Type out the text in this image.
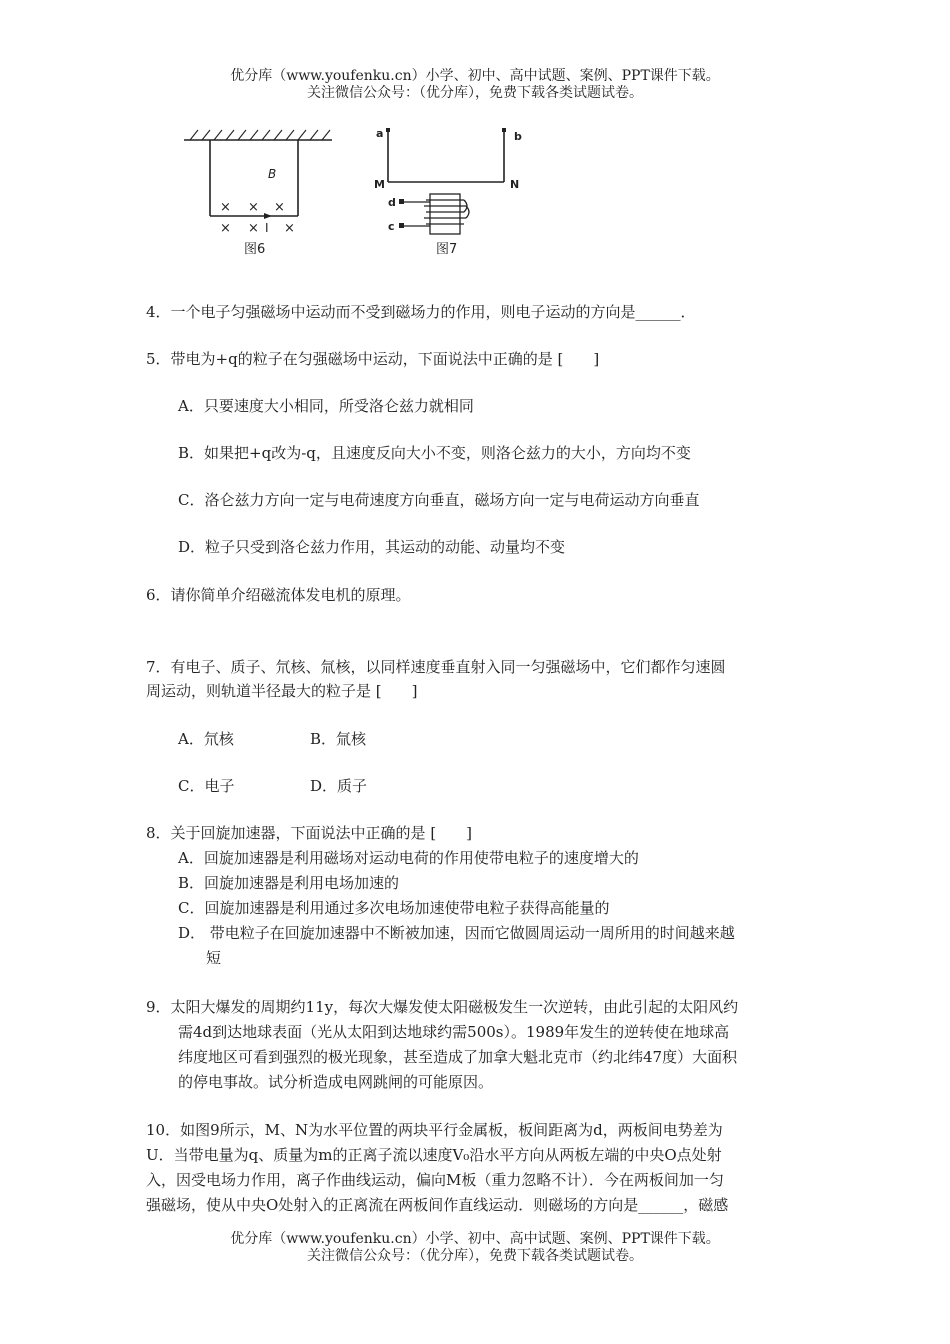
优分库（www.youfenku.cn）小学、初中、高中试题、案例、PPT课件下载。
关注微信公众号：（优分库），免费下载各类试题试卷。
B
× × ×
× × ×
I
图6
a	b
M	N
d
c
图7
4．一个电子匀强磁场中运动而不受到磁场力的作用，则电子运动的方向是______．
5．带电为+q的粒子在匀强磁场中运动，下面说法中正确的是 [　　]
A．只要速度大小相同，所受洛仑兹力就相同
B．如果把+q改为-q，且速度反向大小不变，则洛仑兹力的大小，方向均不变
C．洛仑兹力方向一定与电荷速度方向垂直，磁场方向一定与电荷运动方向垂直
D．粒子只受到洛仑兹力作用，其运动的动能、动量均不变
6．请你简单介绍磁流体发电机的原理。
7．有电子、质子、氘核、氚核，以同样速度垂直射入同一匀强磁场中，它们都作匀速圆
周运动，则轨道半径最大的粒子是 [　　]
A．氘核	B．氚核
C．电子	D．质子
8．关于回旋加速器，下面说法中正确的是 [　　]
A．回旋加速器是利用磁场对运动电荷的作用使带电粒子的速度增大的
B．回旋加速器是利用电场加速的
C．回旋加速器是利用通过多次电场加速使带电粒子获得高能量的
D． 带电粒子在回旋加速器中不断被加速，因而它做圆周运动一周所用的时间越来越
短
9．太阳大爆发的周期约11y，每次大爆发使太阳磁极发生一次逆转，由此引起的太阳风约
需4d到达地球表面（光从太阳到达地球约需500s）。1989年发生的逆转使在地球高
纬度地区可看到强烈的极光现象，甚至造成了加拿大魁北克市（约北纬47度）大面积
的停电事故。试分析造成电网跳闸的可能原因。
10．如图9所示，M、N为水平位置的两块平行金属板，板间距离为d，两板间电势差为
U．当带电量为q、质量为m的正离子流以速度V₀沿水平方向从两板左端的中央O点处射
入，因受电场力作用，离子作曲线运动，偏向M板（重力忽略不计）．今在两板间加一匀
强磁场，使从中央O处射入的正离流在两板间作直线运动．则磁场的方向是______，磁感
优分库（www.youfenku.cn）小学、初中、高中试题、案例、PPT课件下载。
关注微信公众号：（优分库），免费下载各类试题试卷。
